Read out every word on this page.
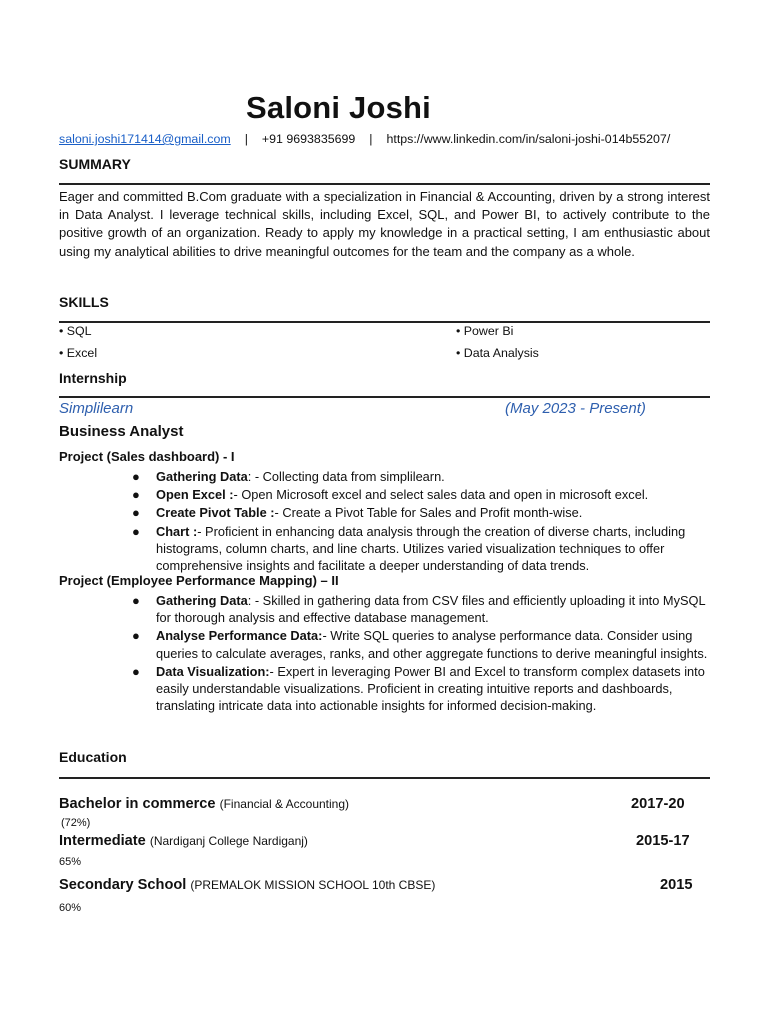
Saloni Joshi
saloni.joshi171414@gmail.com | +91 9693835699 | https://www.linkedin.com/in/saloni-joshi-014b55207/
SUMMARY
Eager and committed B.Com graduate with a specialization in Financial & Accounting, driven by a strong interest in Data Analyst. I leverage technical skills, including Excel, SQL, and Power BI, to actively contribute to the positive growth of an organization. Ready to apply my knowledge in a practical setting, I am enthusiastic about using my analytical abilities to drive meaningful outcomes for the team and the company as a whole.
SKILLS
• SQL	• Power Bi
• Excel	• Data Analysis
Internship
Simplilearn	(May 2023 - Present)
Business Analyst
Project (Sales dashboard) - I
● Gathering Data: - Collecting data from simplilearn.
● Open Excel :- Open Microsoft excel and select sales data and open in microsoft excel.
● Create Pivot Table :- Create a Pivot Table for Sales and Profit month-wise.
● Chart :- Proficient in enhancing data analysis through the creation of diverse charts, including histograms, column charts, and line charts. Utilizes varied visualization techniques to offer comprehensive insights and facilitate a deeper understanding of data trends.
Project (Employee Performance Mapping) – II
● Gathering Data: - Skilled in gathering data from CSV files and efficiently uploading it into MySQL for thorough analysis and effective database management.
● Analyse Performance Data:- Write SQL queries to analyse performance data. Consider using queries to calculate averages, ranks, and other aggregate functions to derive meaningful insights.
● Data Visualization:- Expert in leveraging Power BI and Excel to transform complex datasets into easily understandable visualizations. Proficient in creating intuitive reports and dashboards, translating intricate data into actionable insights for informed decision-making.
Education
Bachelor in commerce (Financial & Accounting)	2017-20
(72%)
Intermediate (Nardiganj College Nardiganj)	2015-17
65%
Secondary School (PREMALOK MISSION SCHOOL 10th CBSE)	2015
60%
